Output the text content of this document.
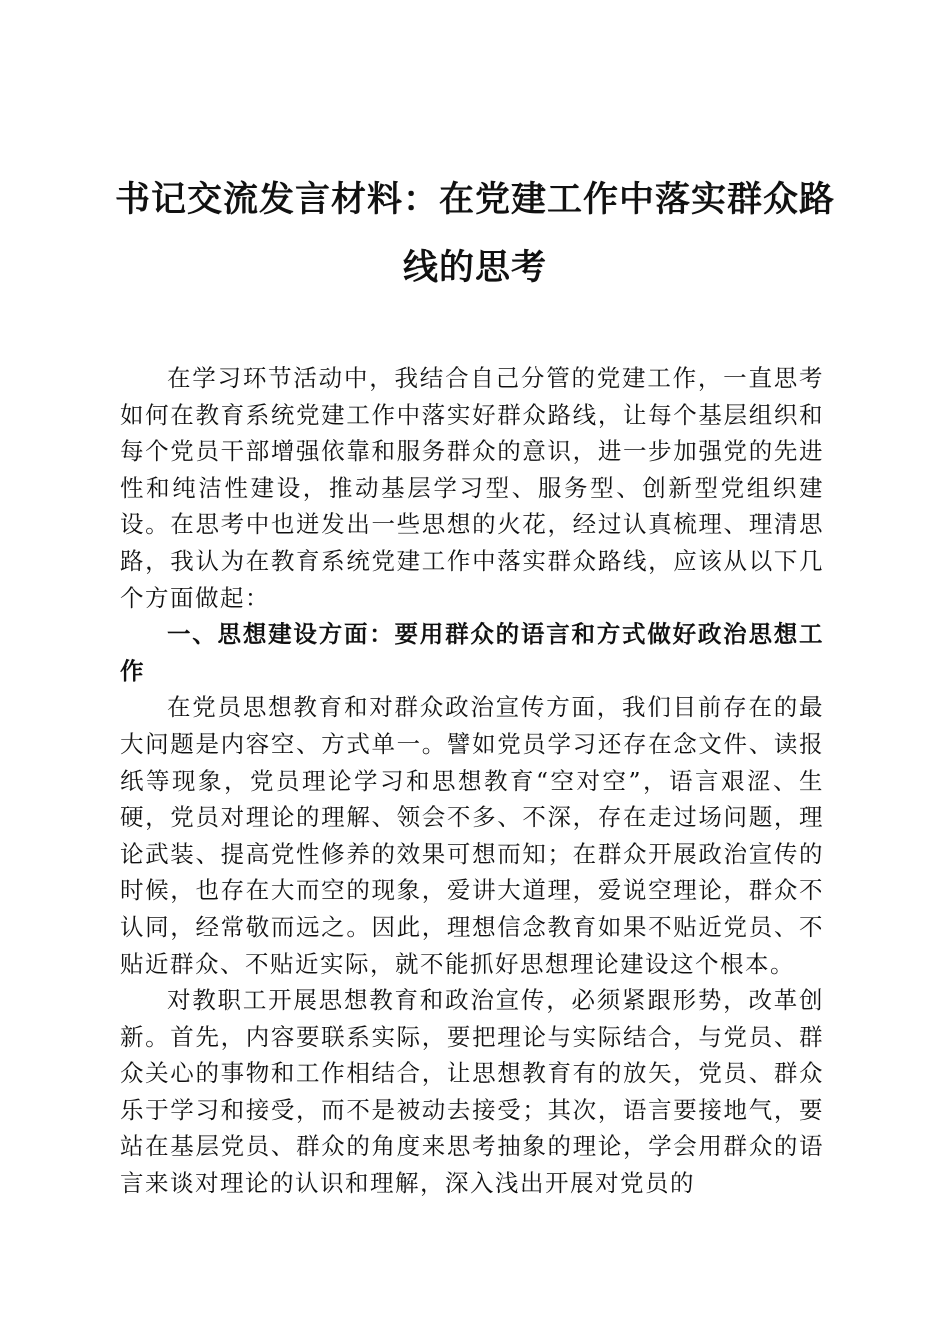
书记交流发言材料：在党建工作中落实群众路线的思考

在学习环节活动中，我结合自己分管的党建工作，一直思考如何在教育系统党建工作中落实好群众路线，让每个基层组织和每个党员干部增强依靠和服务群众的意识，进一步加强党的先进性和纯洁性建设，推动基层学习型、服务型、创新型党组织建设。在思考中也迸发出一些思想的火花，经过认真梳理、理清思路，我认为在教育系统党建工作中落实群众路线，应该从以下几个方面做起：

一、思想建设方面：要用群众的语言和方式做好政治思想工作

在党员思想教育和对群众政治宣传方面，我们目前存在的最大问题是内容空、方式单一。譬如党员学习还存在念文件、读报纸等现象，党员理论学习和思想教育“空对空”，语言艰涩、生硬，党员对理论的理解、领会不多、不深，存在走过场问题，理论武装、提高党性修养的效果可想而知；在群众开展政治宣传的时候，也存在大而空的现象，爱讲大道理，爱说空理论，群众不认同，经常敬而远之。因此，理想信念教育如果不贴近党员、不贴近群众、不贴近实际，就不能抓好思想理论建设这个根本。

对教职工开展思想教育和政治宣传，必须紧跟形势，改革创新。首先，内容要联系实际，要把理论与实际结合，与党员、群众关心的事物和工作相结合，让思想教育有的放矢，党员、群众乐于学习和接受，而不是被动去接受；其次，语言要接地气，要站在基层党员、群众的角度来思考抽象的理论，学会用群众的语言来谈对理论的认识和理解，深入浅出开展对党员的
